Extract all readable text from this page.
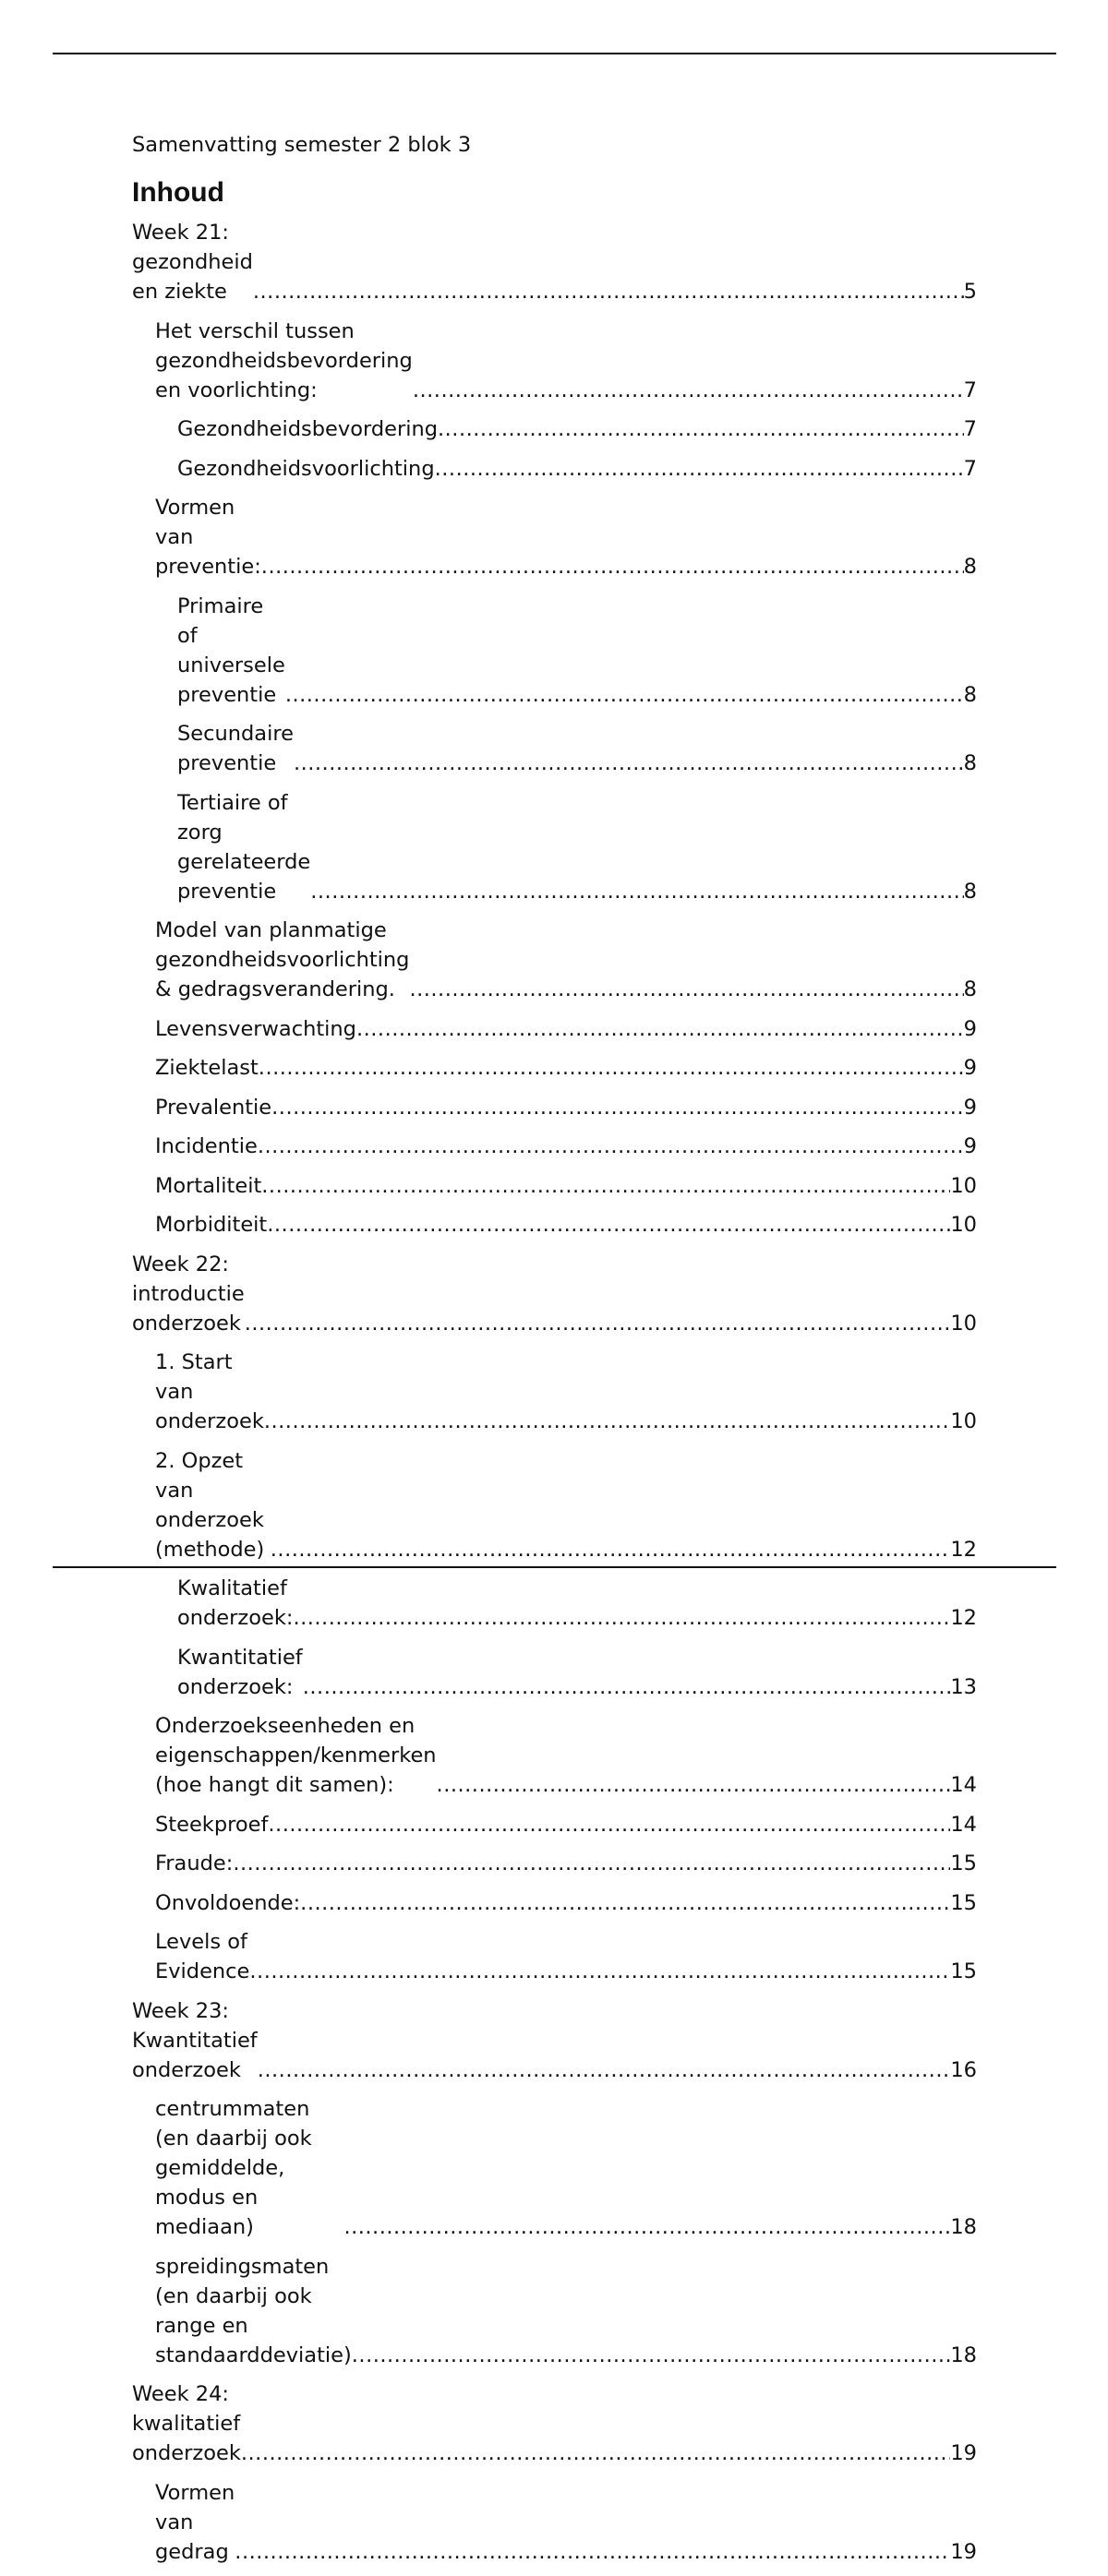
Samenvatting semester 2 blok 3

Inhoud
Week 21: gezondheid en ziekte .....	5
Het verschil tussen gezondheidsbevordering en voorlichting: .....	7
Gezondheidsbevordering .....	7
Gezondheidsvoorlichting .....	7
Vormen van preventie: .....	8
Primaire of universele preventie .....	8
Secundaire preventie .....	8
Tertiaire of zorg gerelateerde preventie .....	8
Model van planmatige gezondheidsvoorlichting & gedragsverandering. .....	8
Levensverwachting .....	9
Ziektelast .....	9
Prevalentie .....	9
Incidentie .....	9
Mortaliteit .....	10
Morbiditeit .....	10
Week 22: introductie onderzoek .....	10
1. Start van onderzoek .....	10
2. Opzet van onderzoek (methode) .....	12
Kwalitatief onderzoek: .....	12
Kwantitatief onderzoek: .....	13
Onderzoekseenheden en eigenschappen/kenmerken (hoe hangt dit samen): .....	14
Steekproef .....	14
Fraude: .....	15
Onvoldoende: .....	15
Levels of Evidence .....	15
Week 23: Kwantitatief onderzoek .....	16
centrummaten (en daarbij ook gemiddelde, modus en mediaan) .....	18
spreidingsmaten (en daarbij ook range en standaarddeviatie) .....	18
Week 24: kwalitatief onderzoek .....	19
Vormen van gedrag .....	19
